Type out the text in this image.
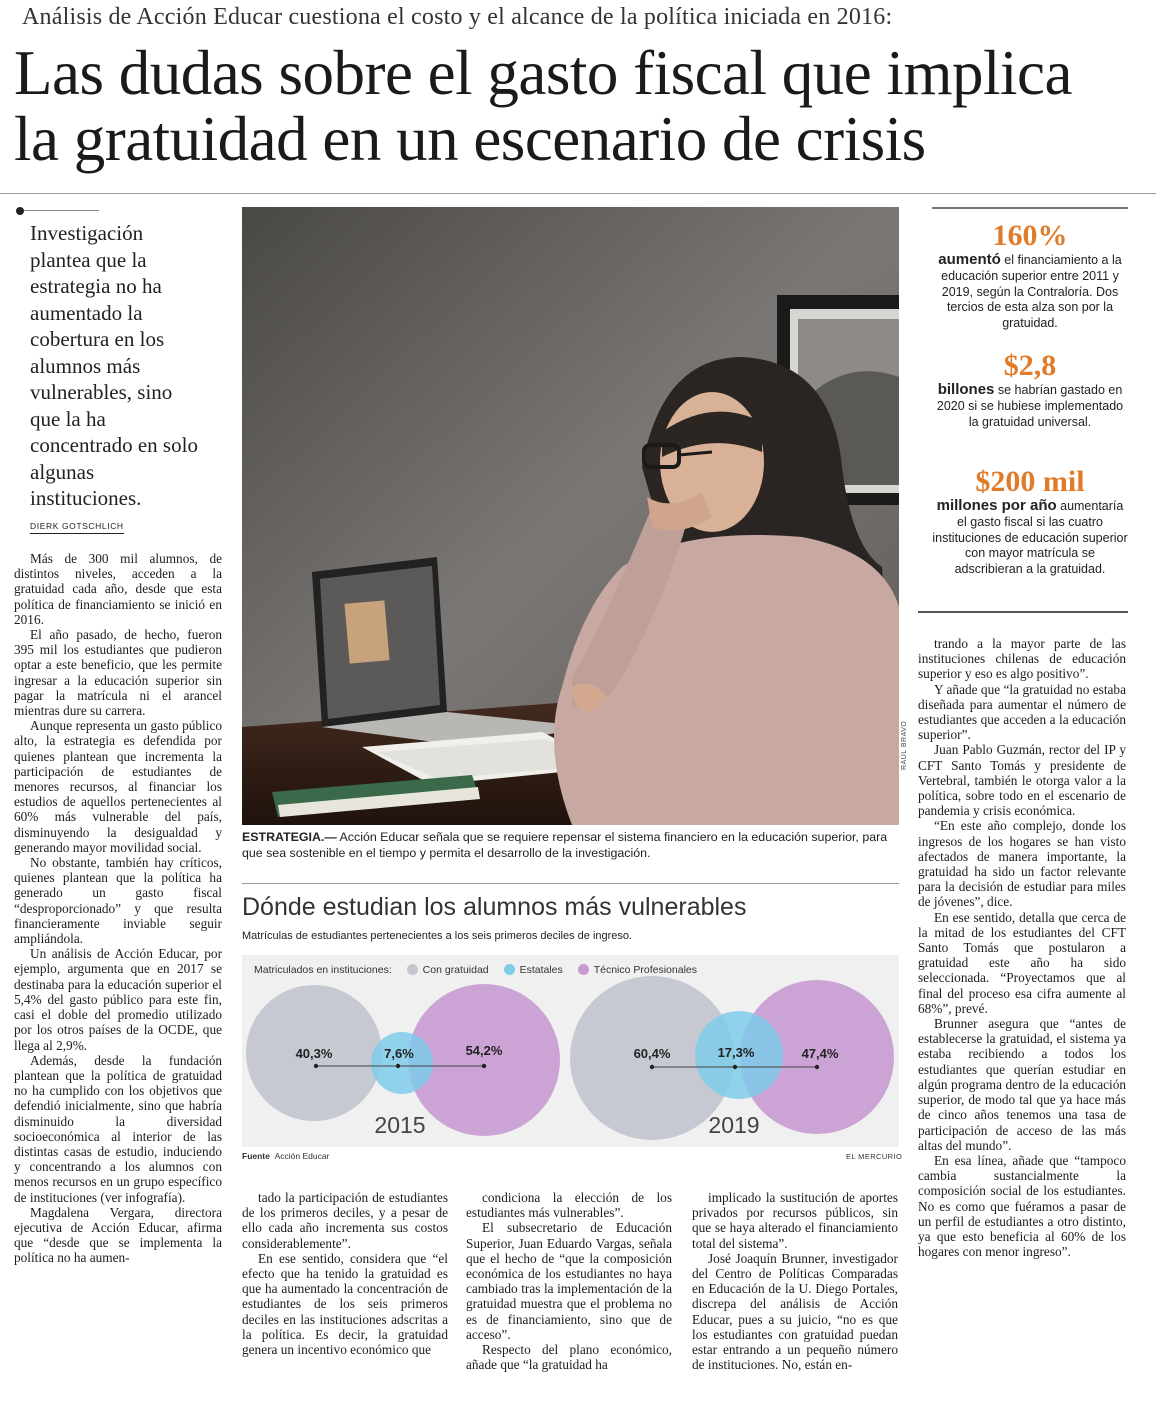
Análisis de Acción Educar cuestiona el costo y el alcance de la política iniciada en 2016:
Las dudas sobre el gasto fiscal que implica
la gratuidad en un escenario de crisis
Investigación plantea que la estrategia no ha aumentado la cobertura en los alumnos más vulnerables, sino que la ha concentrado en solo algunas instituciones.
DIERK GOTSCHLICH

Más de 300 mil alumnos, de distintos niveles, acceden a la gratuidad cada año, desde que esta política de financiamiento se inició en 2016.

El año pasado, de hecho, fueron 395 mil los estudiantes que pudieron optar a este beneficio, que les permite ingresar a la educación superior sin pagar la matrícula ni el arancel mientras dure su carrera.

Aunque representa un gasto público alto, la estrategia es defendida por quienes plantean que incrementa la participación de estudiantes de menores recursos, al financiar los estudios de aquellos pertenecientes al 60% más vulnerable del país, disminuyendo la desigualdad y generando mayor movilidad social.

No obstante, también hay críticos, quienes plantean que la política ha generado un gasto fiscal “desproporcionado” y que resulta financieramente inviable seguir ampliándola.

Un análisis de Acción Educar, por ejemplo, argumenta que en 2017 se destinaba para la educación superior el 5,4% del gasto público para este fin, casi el doble del promedio utilizado por los otros países de la OCDE, que llega al 2,9%.

Además, desde la fundación plantean que la política de gratuidad no ha cumplido con los objetivos que defendió inicialmente, sino que habría disminuido la diversidad socioeconómica al interior de las distintas casas de estudio, induciendo y concentrando a los alumnos con menos recursos en un grupo específico de instituciones (ver infografía).

Magdalena Vergara, directora ejecutiva de Acción Educar, afirma que “desde que se implementa la política no ha aumen-

tado la participación de estudiantes de los primeros deciles, y a pesar de ello cada año incrementa sus costos considerablemente”.

En ese sentido, considera que “el efecto que ha tenido la gratuidad es que ha aumentado la concentración de estudiantes de los seis primeros deciles en las instituciones adscritas a la política. Es decir, la gratuidad genera un incentivo económico que

condiciona la elección de los estudiantes más vulnerables”.

El subsecretario de Educación Superior, Juan Eduardo Vargas, señala que el hecho de “que la composición económica de los estudiantes no haya cambiado tras la implementación de la gratuidad muestra que el problema no es de financiamiento, sino que de acceso”.

Respecto del plano económico, añade que “la gratuidad ha

implicado la sustitución de aportes privados por recursos públicos, sin que se haya alterado el financiamiento total del sistema”.

José Joaquín Brunner, investigador del Centro de Políticas Comparadas en Educación de la U. Diego Portales, discrepa del análisis de Acción Educar, pues a su juicio, “no es que los estudiantes con gratuidad puedan estar entrando a un pequeño número de instituciones. No, están en-

trando a la mayor parte de las instituciones chilenas de educación superior y eso es algo positivo”.

Y añade que “la gratuidad no estaba diseñada para aumentar el número de estudiantes que acceden a la educación superior”.

Juan Pablo Guzmán, rector del IP y CFT Santo Tomás y presidente de Vertebral, también le otorga valor a la política, sobre todo en el escenario de pandemia y crisis económica.

“En este año complejo, donde los ingresos de los hogares se han visto afectados de manera importante, la gratuidad ha sido un factor relevante para la decisión de estudiar para miles de jóvenes”, dice.

En ese sentido, detalla que cerca de la mitad de los estudiantes del CFT Santo Tomás que postularon a gratuidad este año ha sido seleccionada. “Proyectamos que al final del proceso esa cifra aumente al 68%”, prevé.

Brunner asegura que “antes de establecerse la gratuidad, el sistema ya estaba recibiendo a todos los estudiantes que querían estudiar en algún programa dentro de la educación superior, de modo tal que ya hace más de cinco años tenemos una tasa de participación de acceso de las más altas del mundo”.

En esa línea, añade que “tampoco cambia sustancialmente la composición social de los estudiantes. No es como que fuéramos a pasar de un perfil de estudiantes a otro distinto, ya que esto beneficia al 60% de los hogares con menor ingreso”.

RAÚL BRAVO
ESTRATEGIA.— Acción Educar señala que se requiere repensar el sistema financiero en la educación superior, para que sea sostenible en el tiempo y permita el desarrollo de la investigación.
160%
aumentó el financiamiento a la educación superior entre 2011 y 2019, según la Contraloría. Dos tercios de esta alza son por la gratuidad.
$2,8
billones se habrían gastado en 2020 si se hubiese implementado la gratuidad universal.
$200 mil
millones por año aumentaría el gasto fiscal si las cuatro instituciones de educación superior con mayor matrícula se adscribieran a la gratuidad.
Dónde estudian los alumnos más vulnerables
Matrículas de estudiantes pertenecientes a los seis primeros deciles de ingreso.
40,3%	7,6%	54,2%
2015
60,4%	17,3%	47,4%
2019
Matriculados en instituciones:	Con gratuidad	Estatales	Técnico Profesionales
Fuente Acción Educar	EL MERCURIO
